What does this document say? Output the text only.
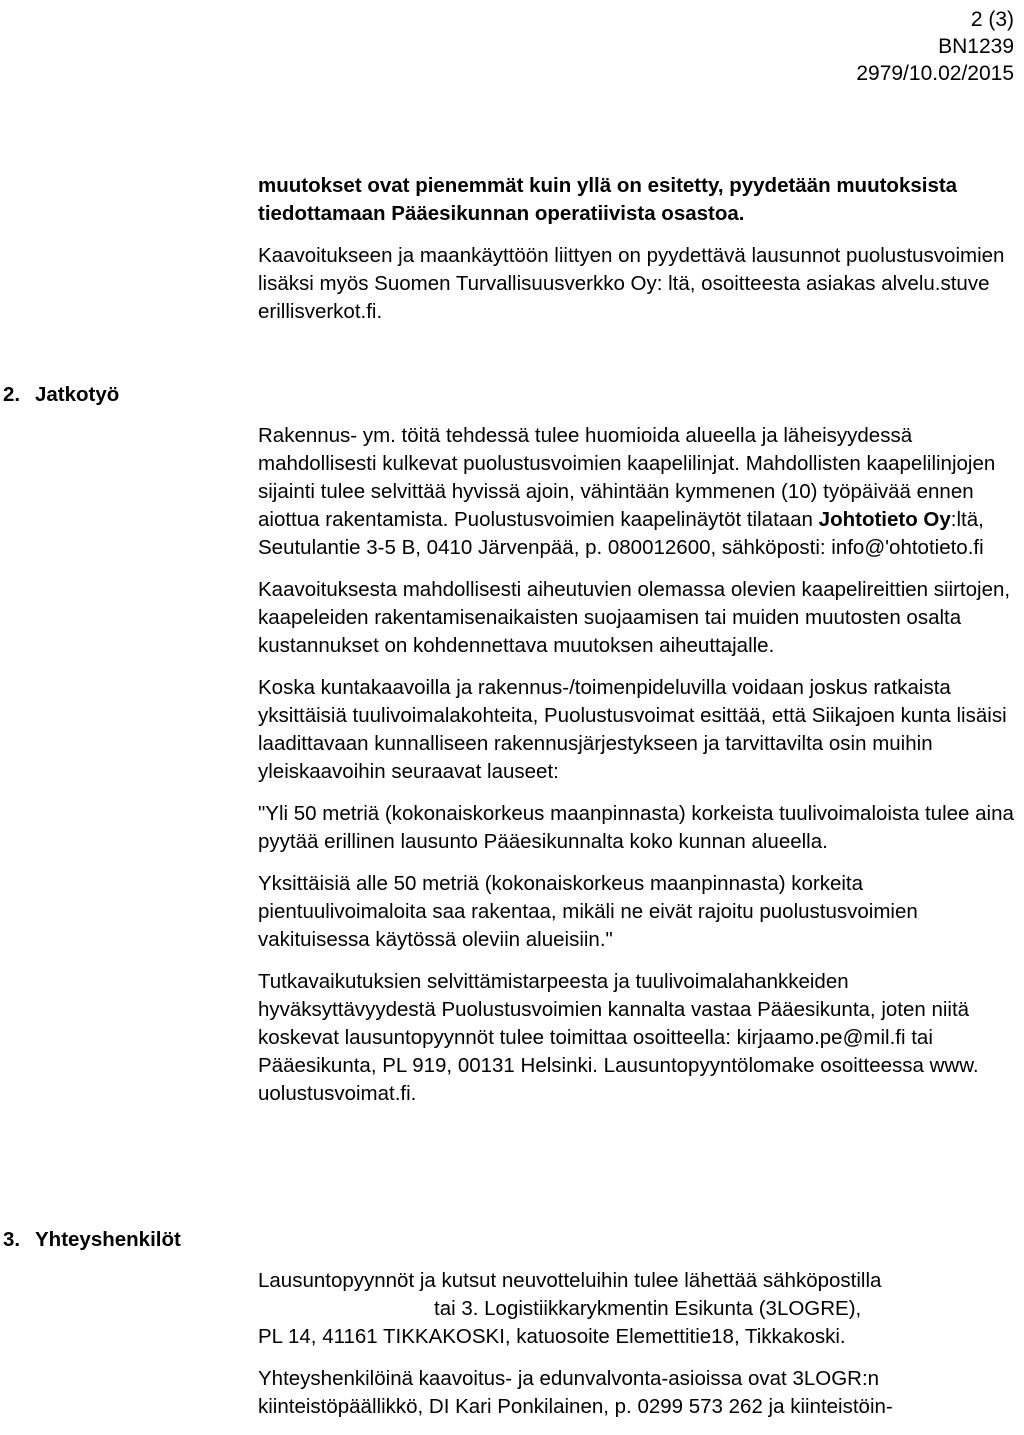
2 (3)
BN1239
2979/10.02/2015

muutokset ovat pienemmät kuin yllä on esitetty, pyydetään muutoksista tiedottamaan Pääesikunnan operatiivista osastoa.

Kaavoitukseen ja maankäyttöön liittyen on pyydettävä lausunnot puolustusvoimien lisäksi myös Suomen Turvallisuusverkko Oy: ltä, osoitteesta asiakas alvelu.stuve erillisverkot.fi.

2. Jatkotyö

Rakennus- ym. töitä tehdessä tulee huomioida alueella ja läheisyydessä mahdollisesti kulkevat puolustusvoimien kaapelilinjat. Mahdollisten kaapelilinjojen sijainti tulee selvittää hyvissä ajoin, vähintään kymmenen (10) työpäivää ennen aiottua rakentamista. Puolustusvoimien kaapelinäytöt tilataan Johtotieto Oy:ltä, Seutulantie 3-5 B, 0410 Järvenpää, p. 080012600, sähköposti: info@'ohtotieto.fi

Kaavoituksesta mahdollisesti aiheutuvien olemassa olevien kaapelireittien siirtojen, kaapeleiden rakentamisenaikaisten suojaamisen tai muiden muutosten osalta kustannukset on kohdennettava muutoksen aiheuttajalle.

Koska kuntakaavoilla ja rakennus-/toimenpideluvilla voidaan joskus ratkaista yksittäisiä tuulivoimalakohteita, Puolustusvoimat esittää, että Siikajoen kunta lisäisi laadittavaan kunnalliseen rakennusjärjestykseen ja tarvittavilta osin muihin yleiskaavoihin seuraavat lauseet:

"Yli 50 metriä (kokonaiskorkeus maanpinnasta) korkeista tuulivoimaloista tulee aina pyytää erillinen lausunto Pääesikunnalta koko kunnan alueella.

Yksittäisiä alle 50 metriä (kokonaiskorkeus maanpinnasta) korkeita pientuulivoimaloita saa rakentaa, mikäli ne eivät rajoitu puolustusvoimien vakituisessa käytössä oleviin alueisiin."

Tutkavaikutuksien selvittämistarpeesta ja tuulivoimalahankkeiden hyväksyttävyydestä Puolustusvoimien kannalta vastaa Pääesikunta, joten niitä koskevat lausuntopyynnöt tulee toimittaa osoitteella: kirjaamo.pe@mil.fi tai Pääesikunta, PL 919, 00131 Helsinki. Lausuntopyyntölomake osoitteessa www. uolustusvoimat.fi.

3. Yhteyshenkilöt

Lausuntopyynnöt ja kutsut neuvotteluihin tulee lähettää sähköpostilla
tai 3. Logistiikkarykmentin Esikunta (3LOGRE),
PL 14, 41161 TIKKAKOSKI, katuosoite Elemettitie18, Tikkakoski.

Yhteyshenkilöinä kaavoitus- ja edunvalvonta-asioissa ovat 3LOGR:n kiinteistöpäällikkö, DI Kari Ponkilainen, p. 0299 573 262 ja kiinteistöin-
